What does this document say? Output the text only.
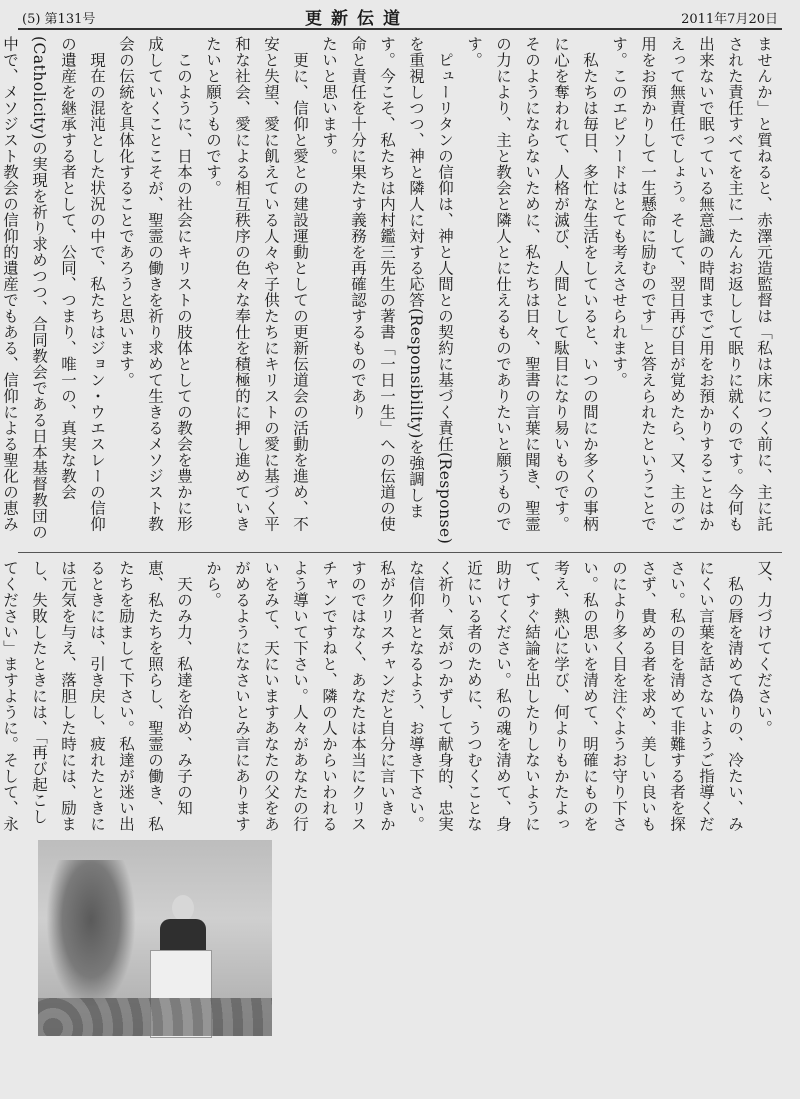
(5) 第131号	更新伝道	2011年7月20日

ませんか」と質ねると、赤澤元造監督は「私は床につく前に、主に託された責任すべてを主に一たんお返しして眠りに就くのです。今何も出来ないで眠っている無意識の時間までご用をお預かりすることはかえって無責任でしょう。そして、翌日再び目が覚めたら、又、主のご用をお預かりして一生懸命に励むのです」と答えられたということです。このエピソードはとても考えさせられます。

私たちは毎日、多忙な生活をしていると、いつの間にか多くの事柄に心を奪われて、人格が滅び、人間として駄目になり易いものです。そのようにならないために、私たちは日々、聖書の言葉に聞き、聖霊の力により、主と教会と隣人とに仕えるものでありたいと願うものです。

ピューリタンの信仰は、神と人間との契約に基づく責任(Response)を重視しつつ、神と隣人に対する応答(Responsibility)を強調します。今こそ、私たちは内村鑑三先生の著書「一日一生」への伝道の使命と責任を十分に果たす義務を再確認するものであり

たいと思います。

更に、信仰と愛との建設運動としての更新伝道会の活動を進め、不安と失望、愛に飢えている人々や子供たちにキリストの愛に基づく平和な社会、愛による相互秩序の色々な奉仕を積極的に押し進めていきたいと願うものです。

このように、日本の社会にキリストの肢体としての教会を豊かに形成していくことこそが、聖霊の働きを祈り求めて生きるメソジスト教会の伝統を具体化することであろうと思います。

現在の混沌とした状況の中で、私たちはジョン・ウエスレーの信仰の遺産を継承する者として、公同、つまり、唯一の、真実な教会(Catholicity)の実現を祈り求めつつ、合同教会である日本基督教団の中で、メソジスト教会の信仰的遺産でもある、信仰による聖化の恵み

又、力づけてください。

私の唇を清めて偽りの、冷たい、みにくい言葉を話さないようご指導ください。私の目を清めて非難する者を探さず、貴める者を求め、美しい良いものにより多く目を注ぐようお守り下さい。私の思いを清めて、明確にものを考え、熱心に学び、何よりもかたよって、すぐ結論を出したりしないように助けてください。私の魂を清めて、身近にいる者のために、うつむくことなく祈り、気がつかずして献身的、忠実な信仰者となるよう、お導き下さい。私がクリスチャンだと自分に言いきかすのではなく、あなたは本当にクリスチャンですねと、隣の人からいわれるよう導いて下さい。人々があなたの行いをみて、天にいますあなたの父をあがめるようになさいとみ言にありますから。

天のみ力、私達を治め、み子の知恵、私たちを照らし、聖霊の働き、私たちを励まして下さい。私達が迷い出るときには、引き戻し、疲れたときには元気を与え、落胆した時には、励まし、失敗したときには、「再び起こしてください」ますように。そして、永
